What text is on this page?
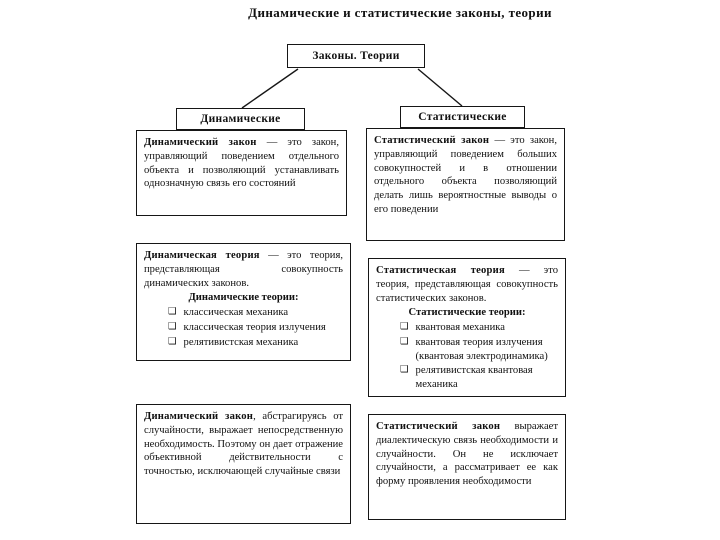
Динамические и статистические законы, теории
Законы. Теории
Динамические	Статистические
Динамический закон — это закон, управляющий поведением отдельного объекта и позволяющий устанавливать однозначную связь его состояний
Статистический закон — это закон, управляющий поведением больших совокупностей и в отношении отдельного объекта позволяющий делать лишь вероятностные выводы о его поведении
Динамическая теория — это теория, представляющая совокупность динамических законов.
Динамические теории:
❑ классическая механика
❑ классическая теория излучения
❑ релятивистская механика
Статистическая теория — это теория, представляющая совокупность статистических законов.
Статистические теории:
❑ квантовая механика
❑ квантовая теория излучения (квантовая электродинамика)
❑ релятивистская квантовая механика
Динамический закон, абстрагируясь от случайности, выражает непосредственную необходимость. Поэтому он дает отражение объективной действительности с точностью, исключающей случайные связи
Статистический закон выражает диалектическую связь необходимости и случайности. Он не исключает случайности, а рассматривает ее как форму проявления необходимости
